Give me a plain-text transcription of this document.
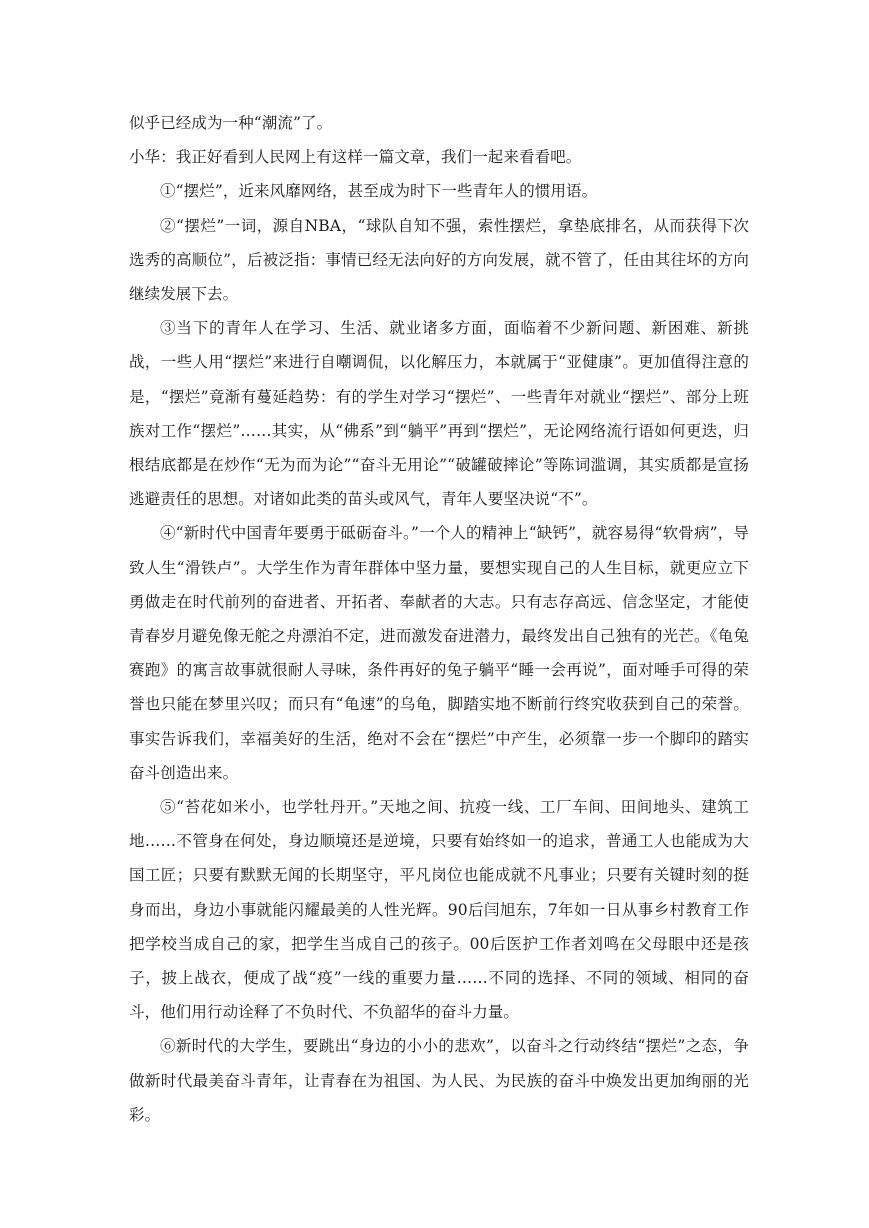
似乎已经成为一种“潮流”了。

小华：我正好看到人民网上有这样一篇文章，我们一起来看看吧。

①“摆烂”，近来风靡网络，甚至成为时下一些青年人的惯用语。

②“摆烂”一词，源自NBA，“球队自知不强，索性摆烂，拿垫底排名，从而获得下次选秀的高顺位”，后被泛指：事情已经无法向好的方向发展，就不管了，任由其往坏的方向继续发展下去。

③当下的青年人在学习、生活、就业诸多方面，面临着不少新问题、新困难、新挑战，一些人用“摆烂”来进行自嘲调侃，以化解压力，本就属于“亚健康”。更加值得注意的是，“摆烂”竟渐有蔓延趋势：有的学生对学习“摆烂”、一些青年对就业“摆烂”、部分上班族对工作“摆烂”……其实，从“佛系”到“躺平”再到“摆烂”，无论网络流行语如何更迭，归根结底都是在炒作“无为而为论”“奋斗无用论”“破罐破摔论”等陈词滥调，其实质都是宣扬逃避责任的思想。对诸如此类的苗头或风气，青年人要坚决说“不”。

④“新时代中国青年要勇于砥砺奋斗。”一个人的精神上“缺钙”，就容易得“软骨病”，导致人生“滑铁卢”。大学生作为青年群体中坚力量，要想实现自己的人生目标，就更应立下勇做走在时代前列的奋进者、开拓者、奉献者的大志。只有志存高远、信念坚定，才能使青春岁月避免像无舵之舟漂泊不定，进而激发奋进潜力，最终发出自己独有的光芒。《龟兔赛跑》的寓言故事就很耐人寻味，条件再好的兔子躺平“睡一会再说”，面对唾手可得的荣誉也只能在梦里兴叹；而只有“龟速”的乌龟，脚踏实地不断前行终究收获到自己的荣誉。事实告诉我们，幸福美好的生活，绝对不会在“摆烂”中产生，必须靠一步一个脚印的踏实奋斗创造出来。

⑤“苔花如米小，也学牡丹开。”天地之间、抗疫一线、工厂车间、田间地头、建筑工地……不管身在何处，身边顺境还是逆境，只要有始终如一的追求，普通工人也能成为大国工匠；只要有默默无闻的长期坚守，平凡岗位也能成就不凡事业；只要有关键时刻的挺身而出，身边小事就能闪耀最美的人性光辉。90后闫旭东，7年如一日从事乡村教育工作把学校当成自己的家，把学生当成自己的孩子。00后医护工作者刘鸣在父母眼中还是孩子，披上战衣，便成了战“疫”一线的重要力量……不同的选择、不同的领域、相同的奋斗，他们用行动诠释了不负时代、不负韶华的奋斗力量。

⑥新时代的大学生，要跳出“身边的小小的悲欢”，以奋斗之行动终结“摆烂”之态，争做新时代最美奋斗青年，让青春在为祖国、为人民、为民族的奋斗中焕发出更加绚丽的光彩。
